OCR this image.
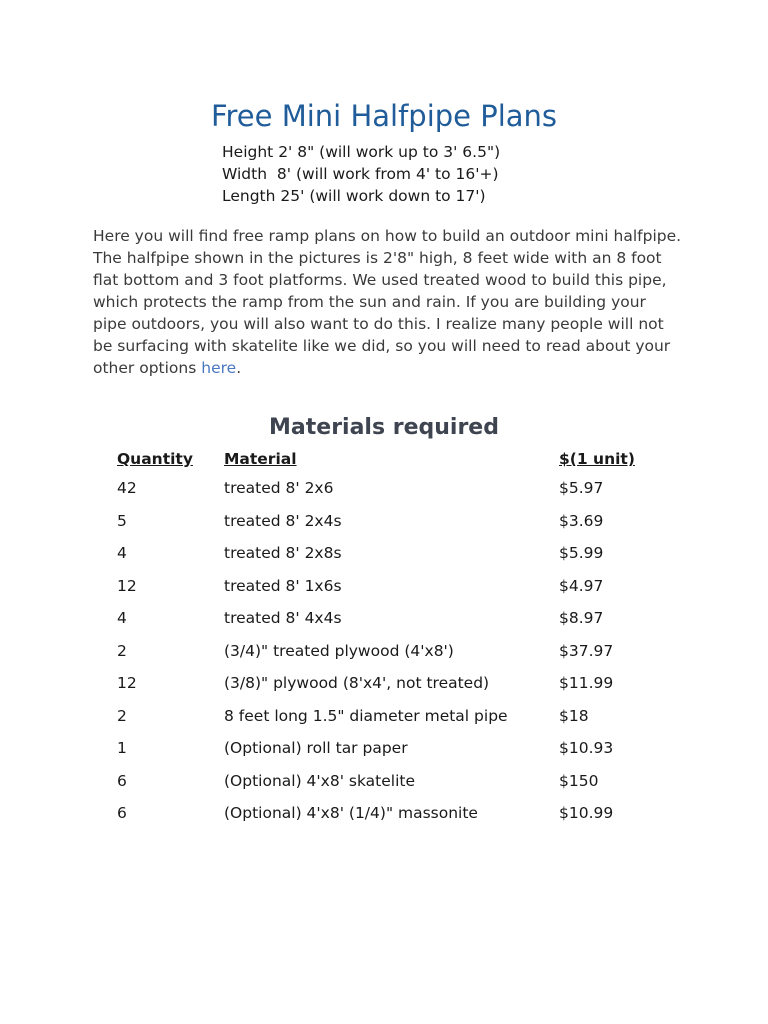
Free Mini Halfpipe Plans
Height 2' 8" (will work up to 3' 6.5")
Width  8' (will work from 4' to 16'+)
Length 25' (will work down to 17')

Here you will find free ramp plans on how to build an outdoor mini halfpipe. The halfpipe shown in the pictures is 2'8" high, 8 feet wide with an 8 foot flat bottom and 3 foot platforms. We used treated wood to build this pipe, which protects the ramp from the sun and rain. If you are building your pipe outdoors, you will also want to do this. I realize many people will not be surfacing with skatelite like we did, so you will need to read about your other options here.

Materials required
Quantity	Material	$(1 unit)
42	treated 8' 2x6	$5.97
5	treated 8' 2x4s	$3.69
4	treated 8' 2x8s	$5.99
12	treated 8' 1x6s	$4.97
4	treated 8' 4x4s	$8.97
2	(3/4)" treated plywood (4'x8')	$37.97
12	(3/8)" plywood (8'x4', not treated)	$11.99
2	8 feet long 1.5" diameter metal pipe	$18
1	(Optional) roll tar paper	$10.93
6	(Optional) 4'x8' skatelite	$150
6	(Optional) 4'x8' (1/4)" massonite	$10.99
